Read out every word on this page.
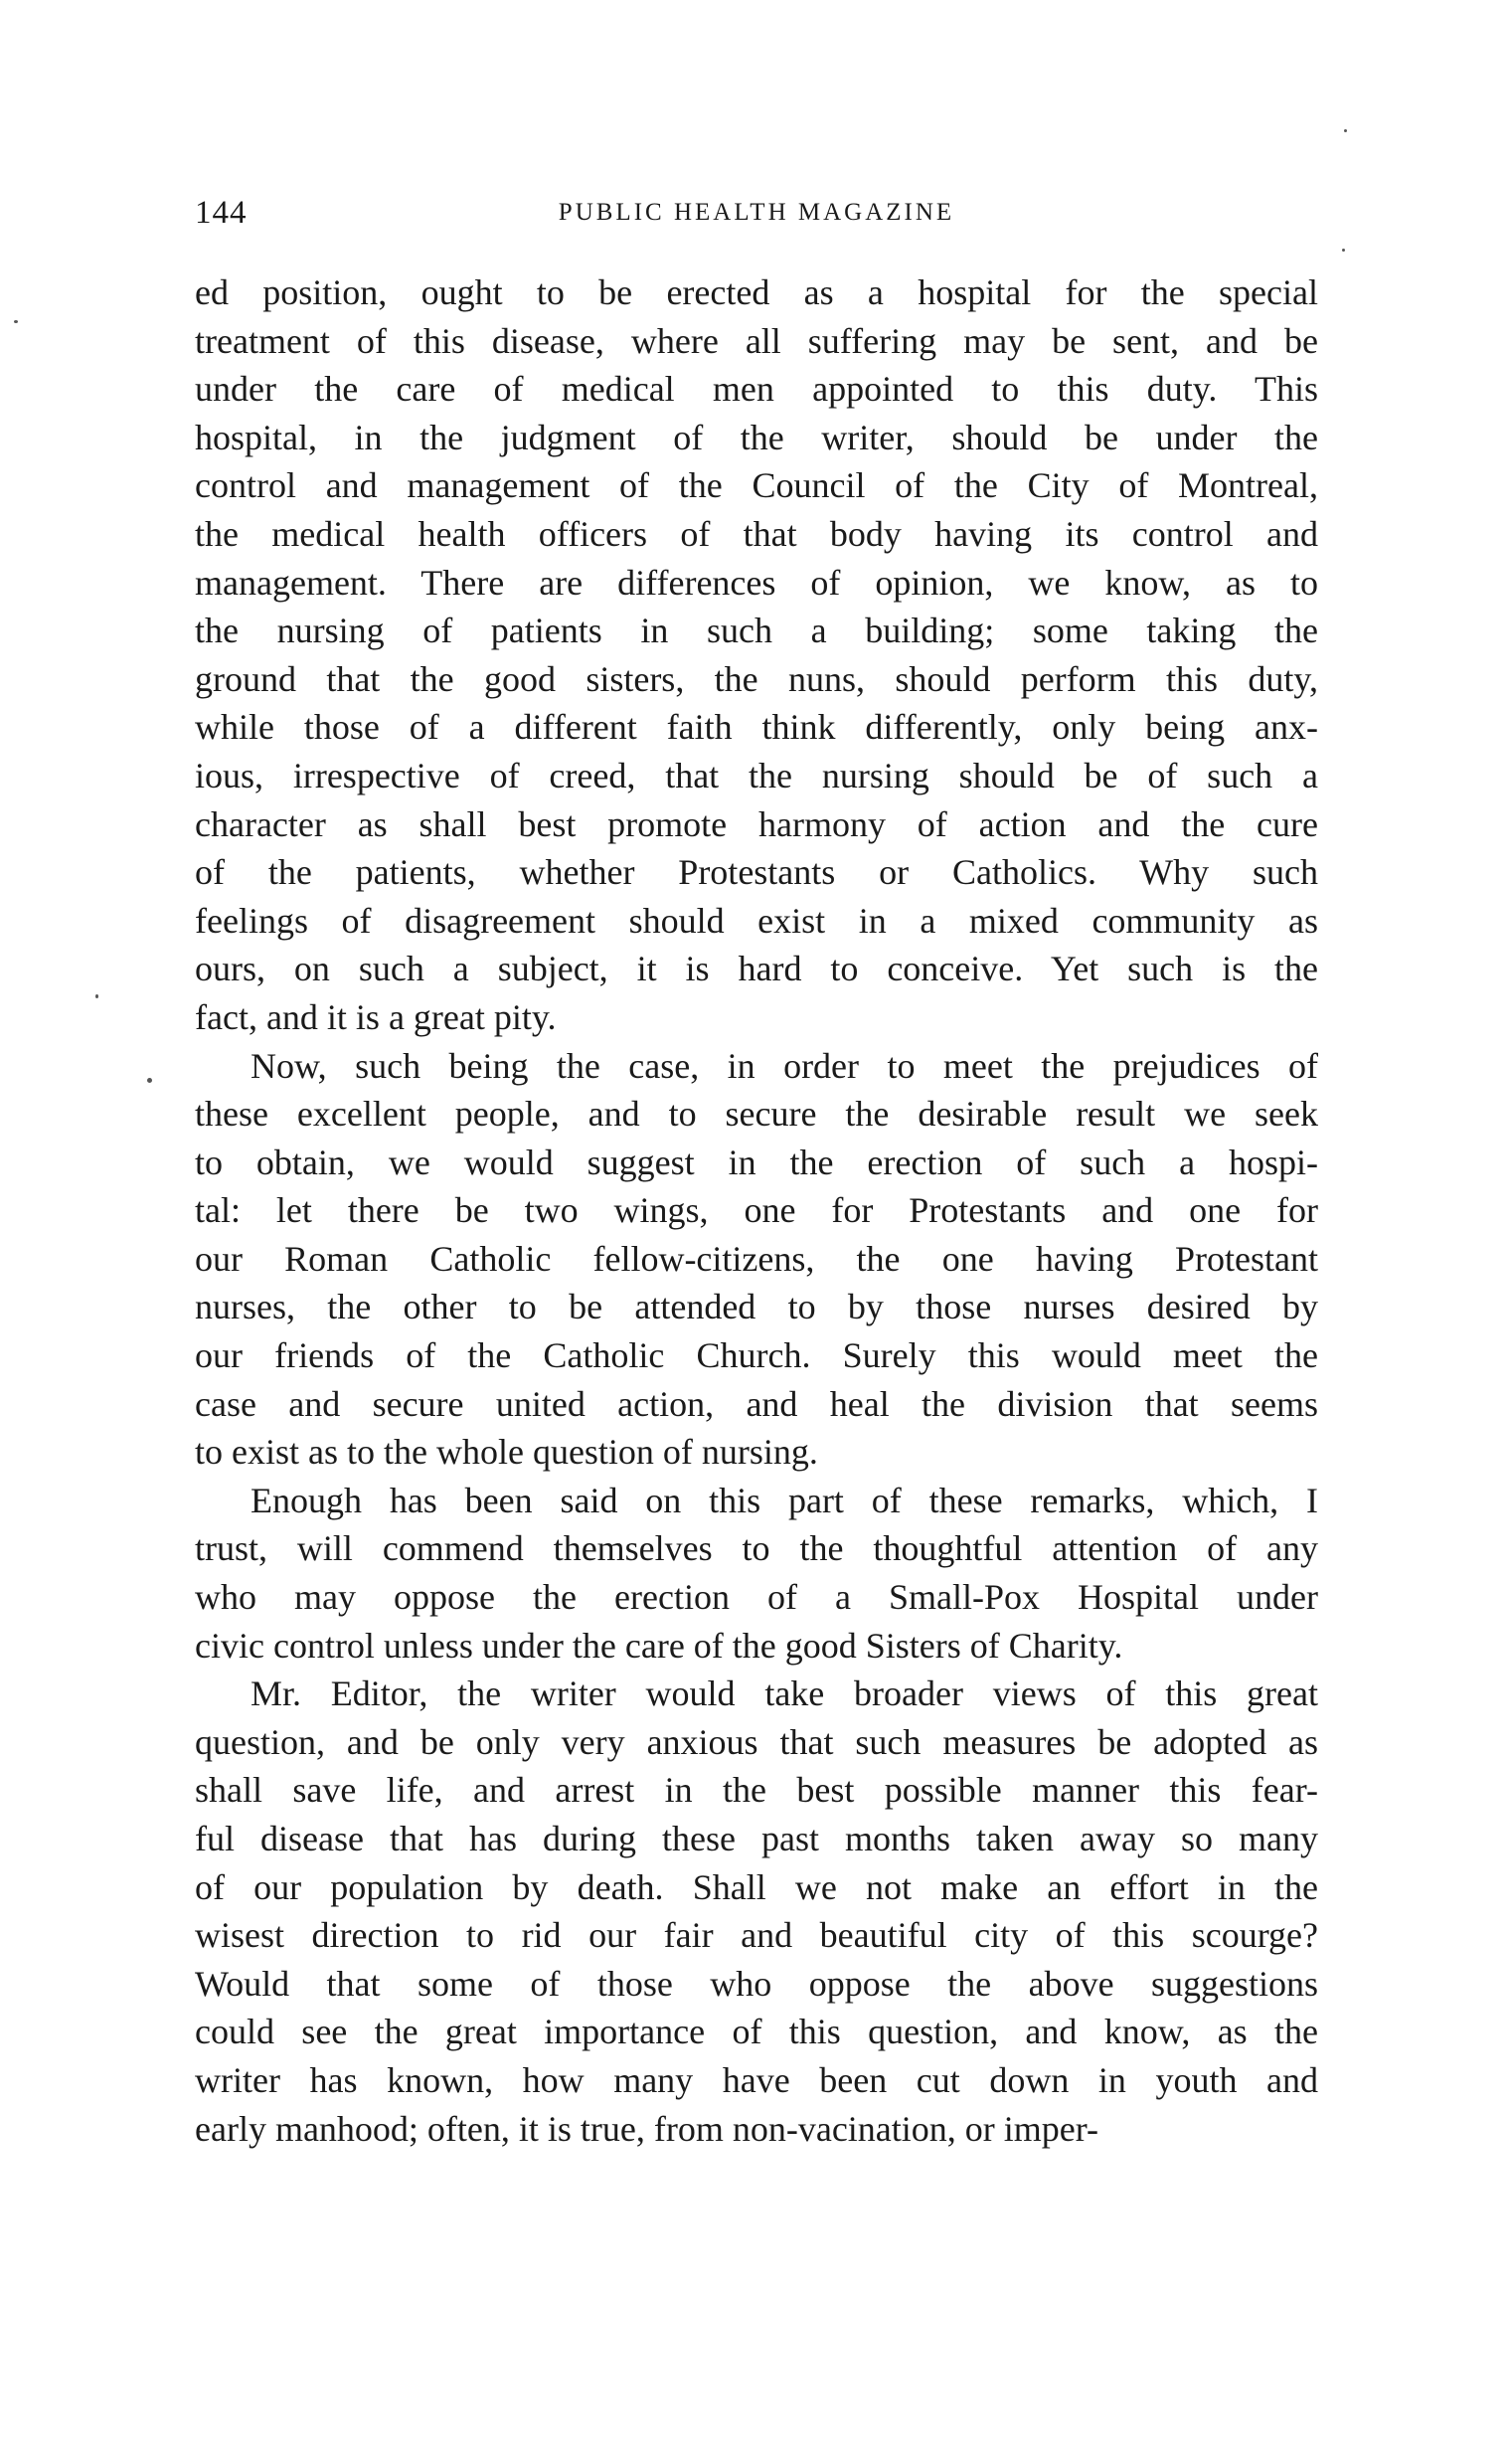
144	PUBLIC HEALTH MAGAZINE
ed position, ought to be erected as a hospital for the special
treatment of this disease, where all suffering may be sent, and be
under the care of medical men appointed to this duty. This
hospital, in the judgment of the writer, should be under the
control and management of the Council of the City of Montreal,
the medical health officers of that body having its control and
management. There are differences of opinion, we know, as to
the nursing of patients in such a building; some taking the
ground that the good sisters, the nuns, should perform this duty,
while those of a different faith think differently, only being anx-
ious, irrespective of creed, that the nursing should be of such a
character as shall best promote harmony of action and the cure
of the patients, whether Protestants or Catholics. Why such
feelings of disagreement should exist in a mixed community as
ours, on such a subject, it is hard to conceive. Yet such is the
fact, and it is a great pity.
Now, such being the case, in order to meet the prejudices of
these excellent people, and to secure the desirable result we seek
to obtain, we would suggest in the erection of such a hospi-
tal: let there be two wings, one for Protestants and one for
our Roman Catholic fellow-citizens, the one having Protestant
nurses, the other to be attended to by those nurses desired by
our friends of the Catholic Church. Surely this would meet the
case and secure united action, and heal the division that seems
to exist as to the whole question of nursing.
Enough has been said on this part of these remarks, which, I
trust, will commend themselves to the thoughtful attention of any
who may oppose the erection of a Small-Pox Hospital under
civic control unless under the care of the good Sisters of Charity.
Mr. Editor, the writer would take broader views of this great
question, and be only very anxious that such measures be adopted as
shall save life, and arrest in the best possible manner this fear-
ful disease that has during these past months taken away so many
of our population by death. Shall we not make an effort in the
wisest direction to rid our fair and beautiful city of this scourge?
Would that some of those who oppose the above suggestions
could see the great importance of this question, and know, as the
writer has known, how many have been cut down in youth and
early manhood; often, it is true, from non-vacination, or imper-
